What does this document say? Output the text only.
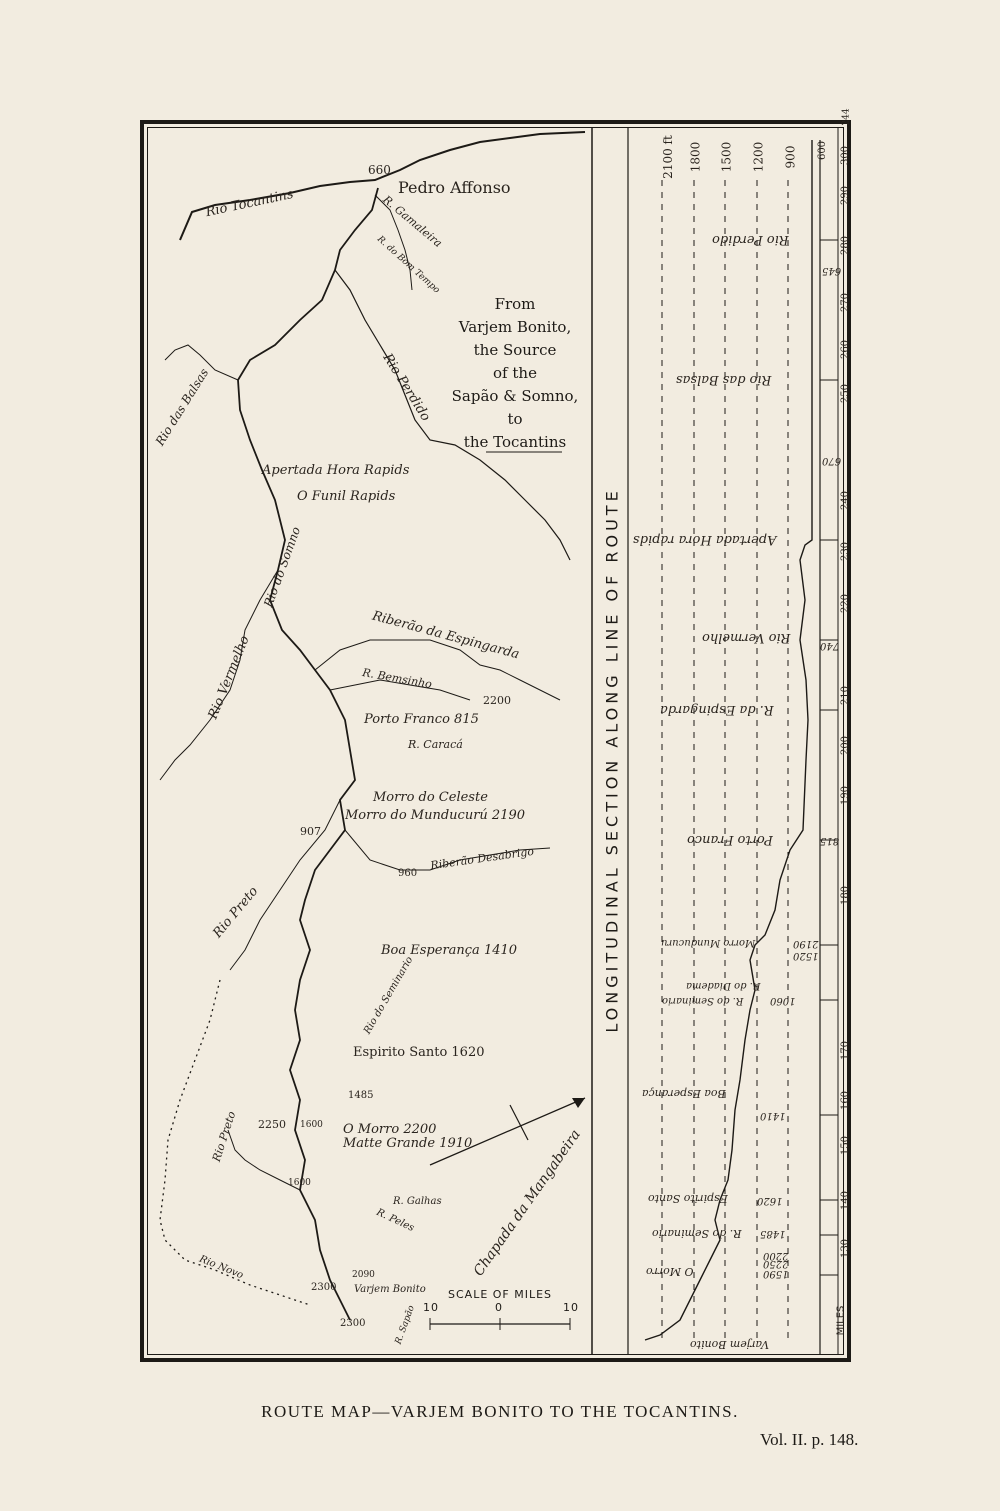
660
Pedro Affonso
Rio Tocantins	R. Gamaleira
R. do Bom Tempo
Rio Perdido
Rio das Balsas
Apertada Hora Rapids
O Funil Rapids
Rio Vermelho
Rio do Somno
Riberão da Espingarda
R. Bemsinho
2200
Porto Franco 815
R. Caracá
Morro do Celeste
Morro do Munducurú 2190
907
Rio Preto
960
Riberão Desabrigo
Boa Esperança 1410
Rio do Seminario
Espirito Santo 1620
1485
2250 1600 O Morro 2200
Matte Grande 1910
Rio Preto
1600
R. Galhas
R. Peles	Chapada da Mangabeira
Rio Novo
2300
2090
Varjem Bonito
2300	R. Sapão
SCALE OF MILES
10	0	10
From
Varjem Bonito,
the Source
of the
Sapão & Somno,
to
the Tocantins
LONGITUDINAL SECTION ALONG LINE OF ROUTE
2100 ft 1800 1500 1200 900 600
244
300
290
280
270
260
250
240
230
220
210
200
190
180
170
160
150
140
130
MILES
Rio Perdido
Rio das Balsas
Apertada Hora rapids
Rio Vermelho
R. da Espingarda
Porto Franco
Morro Munducuru
R. do Diadema
R. do Seminario
Boa Esperança
Espirito Santo
R. do Seminario
O Morro
Varjem Bonito
645
670
740
815
2190
1520
1060
1410
1620
1485
2200
2250
1590
ROUTE MAP—VARJEM BONITO TO THE TOCANTINS.
Vol. II. p. 148.
